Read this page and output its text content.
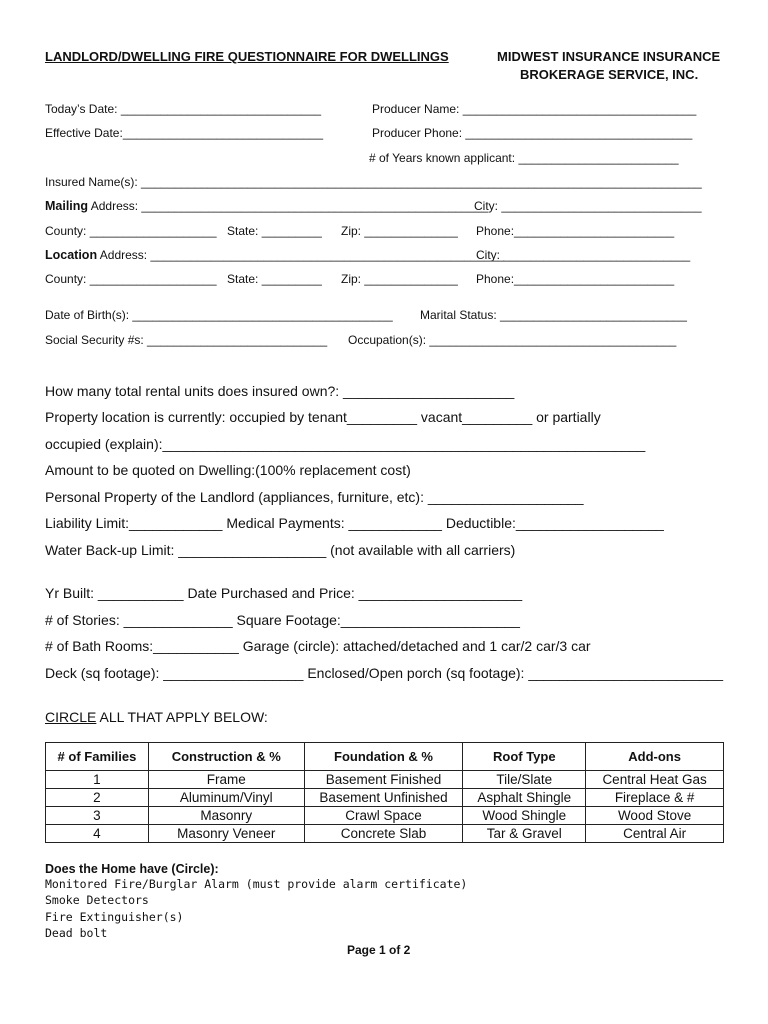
LANDLORD/DWELLING FIRE QUESTIONNAIRE FOR DWELLINGS	MIDWEST INSURANCE INSURANCE
BROKERAGE SERVICE, INC.
Today’s Date: ______________________________	Producer Name: ___________________________________
Effective Date:______________________________	Producer Phone: __________________________________
# of Years known applicant: ________________________
Insured Name(s): ____________________________________________________________________________________
Mailing Address: ____________________________________________________
City: ______________________________
County: ___________________ State: _________ Zip: ______________ Phone:________________________
Location Address: _____________________________________________________
City: ____________________________
County: ___________________ State: _________ Zip: ______________ Phone:________________________
Date of Birth(s): _______________________________________ Marital Status: ____________________________
Social Security #s: ___________________________ Occupation(s): _____________________________________
How many total rental units does insured own?: ______________________
Property location is currently: occupied by tenant_________ vacant_________ or partially
occupied (explain):______________________________________________________________
Amount to be quoted on Dwelling:(100% replacement cost)
Personal Property of the Landlord (appliances, furniture, etc): ____________________
Liability Limit:____________ Medical Payments: ____________ Deductible:___________________
Water Back-up Limit: ___________________ (not available with all carriers)
Yr Built: ___________ Date Purchased and Price: _____________________
# of Stories: ______________ Square Footage:_______________________
# of Bath Rooms:___________ Garage (circle): attached/detached and 1 car/2 car/3 car
Deck (sq footage): __________________ Enclosed/Open porch (sq footage): _________________________
CIRCLE ALL THAT APPLY BELOW:
# of Families	Construction & %	Foundation & %	Roof Type	Add-ons
1	Frame	Basement Finished	Tile/Slate	Central Heat Gas
2	Aluminum/Vinyl	Basement Unfinished	Asphalt Shingle	Fireplace & #
3	Masonry	Crawl Space	Wood Shingle	Wood Stove
4	Masonry Veneer	Concrete Slab	Tar & Gravel	Central Air
Does the Home have (Circle):
Monitored Fire/Burglar Alarm (must provide alarm certificate)
Smoke Detectors
Fire Extinguisher(s)
Dead bolt
Page 1 of 2
